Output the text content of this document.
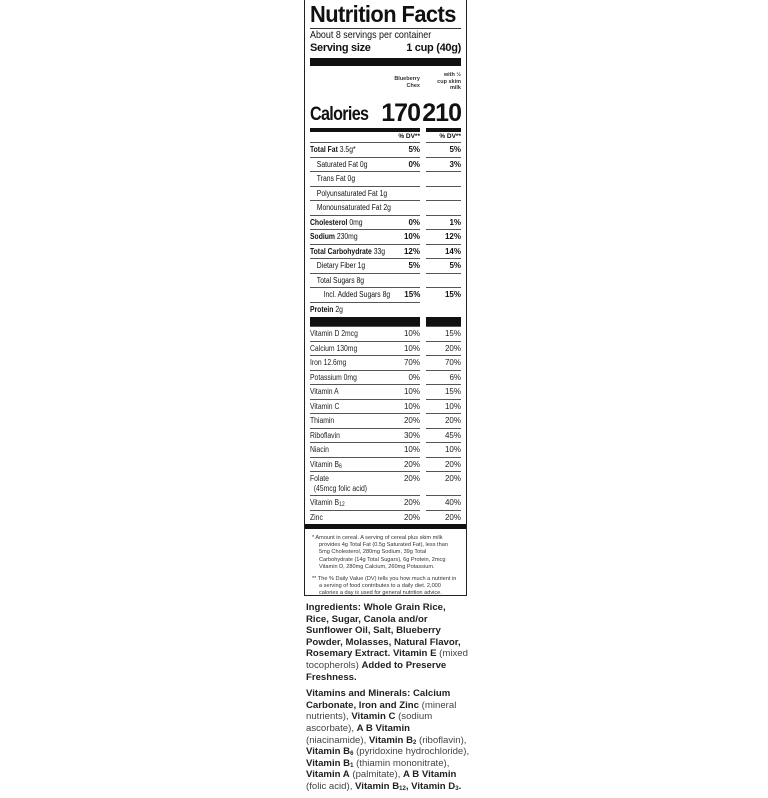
Nutrition Facts
About 8 servings per container
Serving size	1 cup (40g)
Blueberry
Chex
with ½
cup skim
milk
Calories 170 210
% DV**	% DV**
Total Fat 3.5g*	5%	5%
Saturated Fat 0g	0%	3%
Trans Fat 0g
Polyunsaturated Fat 1g
Monounsaturated Fat 2g
Cholesterol 0mg	0%	1%
Sodium 230mg	10%	12%
Total Carbohydrate 33g 12%	14%
Dietary Fiber 1g	5%	5%
Total Sugars 8g
Incl. Added Sugars 8g 15%	15%
Protein 2g
Vitamin D 2mcg	10%	15%
Calcium 130mg	10%	20%
Iron 12.6mg	70%	70%
Potassium 0mg	0%	6%
Vitamin A	10%	15%
Vitamin C	10%	10%
Thiamin	20%	20%
Riboflavin	30%	45%
Niacin	10%	10%
Vitamin $B_6$	20%	20%
Folate
(45mcg folic acid)
20%	20%
Vitamin $B_{12}$	20%	40%
Zinc	20%	20%

* Amount in cereal. A serving of cereal plus skim milk provides 4g Total Fat (0.5g Saturated Fat), less than 5mg Cholesterol, 280mg Sodium, 39g Total Carbohydrate (14g Total Sugars), 6g Protein, 2mcg Vitamin D, 280mg Calcium, 260mg Potassium.

** The % Daily Value (DV) tells you how much a nutrient in a serving of food contributes to a daily diet. 2,000 calories a day is used for general nutrition advice.

Ingredients: Whole Grain Rice, Rice, Sugar, Canola and/or Sunflower Oil, Salt, Blueberry Powder, Molasses, Natural Flavor, Rosemary Extract. Vitamin E (mixed tocopherols) Added to Preserve Freshness.

Vitamins and Minerals: Calcium Carbonate, Iron and Zinc (mineral nutrients), Vitamin C (sodium ascorbate), A B Vitamin (niacinamide), Vitamin $B_2$ (riboflavin), Vitamin $B_6$ (pyridoxine hydrochloride), Vitamin $B_1$ (thiamin mononitrate), Vitamin A (palmitate), A B Vitamin (folic acid), Vitamin $B_{12}$, Vitamin $D_3$.
